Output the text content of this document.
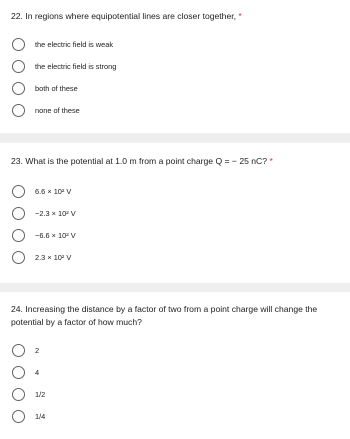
22. In regions where equipotential lines are closer together, *
the electric field is weak
the electric field is strong
both of these
none of these
23. What is the potential at 1.0 m from a point charge Q = − 25 nC? *
6.6 × 10² V
−2.3 × 10² V
−6.6 × 10² V
2.3 × 10² V
24. Increasing the distance by a factor of two from a point charge will change the potential by a factor of how much?
2
4
1/2
1/4
